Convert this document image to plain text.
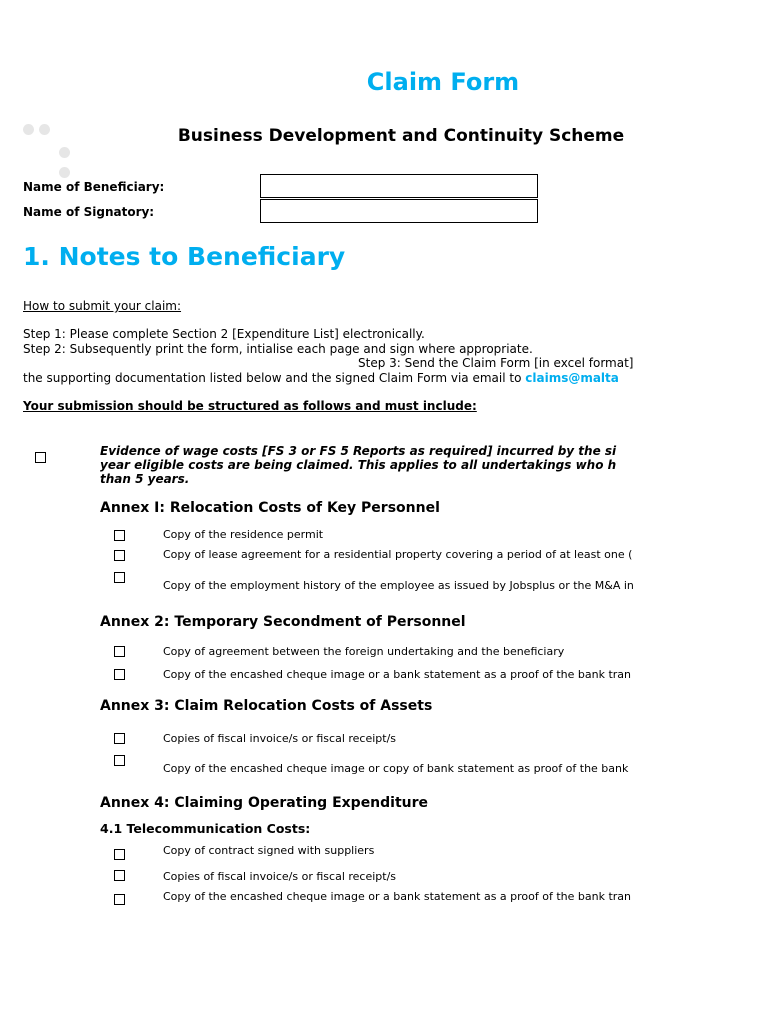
Claim Form
Business Development and Continuity Scheme
Name of Beneficiary:
Name of Signatory:
1. Notes to Beneficiary
How to submit your claim:
Step 1: Please complete Section 2 [Expenditure List] electronically.
Step 2: Subsequently print the form, intialise each page and sign where appropriate.
Step 3: Send the Claim Form [in excel format]
the supporting documentation listed below and the signed Claim Form via email to claims@malta
Your submission should be structured as follows and must include:
Evidence of wage costs [FS 3 or FS 5 Reports as required] incurred by the si
year eligible costs are being claimed. This applies to all undertakings who h
than 5 years.
Annex I: Relocation Costs of Key Personnel
Copy of the residence permit
Copy of lease agreement for a residential property covering a period of at least one (
Copy of the employment history of the employee as issued by Jobsplus or the M&A in
Annex 2: Temporary Secondment of Personnel
Copy of agreement between the foreign undertaking and the beneficiary
Copy of the encashed cheque image or a bank statement as a proof of the bank tran
Annex 3: Claim Relocation Costs of Assets
Copies of fiscal invoice/s or fiscal receipt/s
Copy of the encashed cheque image or copy of bank statement as proof of the bank
Annex 4: Claiming Operating Expenditure
4.1 Telecommunication Costs:
Copy of contract signed with suppliers
Copies of fiscal invoice/s or fiscal receipt/s
Copy of the encashed cheque image or a bank statement as a proof of the bank tran
